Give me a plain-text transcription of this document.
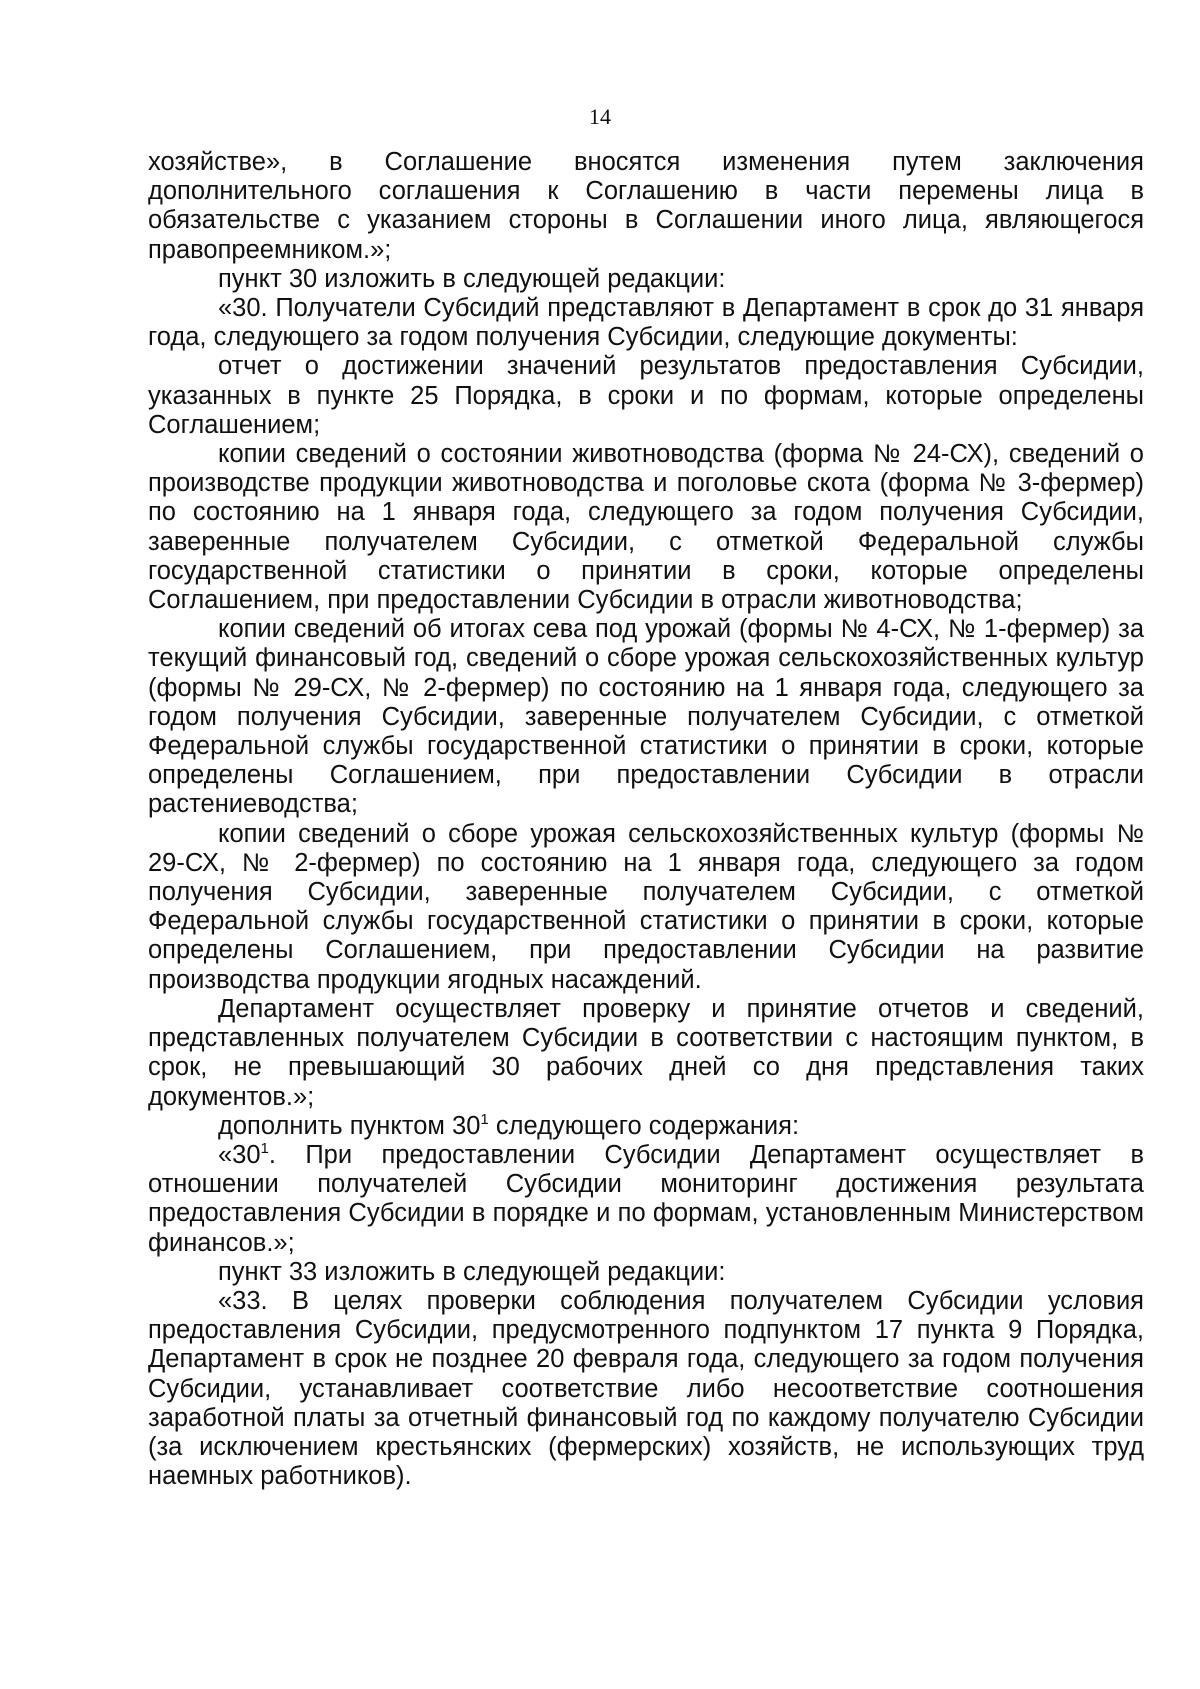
14

хозяйстве», в Соглашение вносятся изменения путем заключения дополнительного соглашения к Соглашению в части перемены лица в обязательстве с указанием стороны в Соглашении иного лица, являющегося правопреемником.»;

пункт 30 изложить в следующей редакции:

«30. Получатели Субсидий представляют в Департамент в срок до 31 января года, следующего за годом получения Субсидии, следующие документы:

отчет о достижении значений результатов предоставления Субсидии, указанных в пункте 25 Порядка, в сроки и по формам, которые определены Соглашением;

копии сведений о состоянии животноводства (форма № 24-СХ), сведений о производстве продукции животноводства и поголовье скота (форма № 3-фермер) по состоянию на 1 января года, следующего за годом получения Субсидии, заверенные получателем Субсидии, с отметкой Федеральной службы государственной статистики о принятии в сроки, которые определены Соглашением, при предоставлении Субсидии в отрасли животноводства;

копии сведений об итогах сева под урожай (формы № 4-СХ, № 1-фермер) за текущий финансовый год, сведений о сборе урожая сельскохозяйственных культур (формы № 29-СХ, № 2-фермер) по состоянию на 1 января года, следующего за годом получения Субсидии, заверенные получателем Субсидии, с отметкой Федеральной службы государственной статистики о принятии в сроки, которые определены Соглашением, при предоставлении Субсидии в отрасли растениеводства;

копии сведений о сборе урожая сельскохозяйственных культур (формы № 29-СХ, № 2-фермер) по состоянию на 1 января года, следующего за годом получения Субсидии, заверенные получателем Субсидии, с отметкой Федеральной службы государственной статистики о принятии в сроки, которые определены Соглашением, при предоставлении Субсидии на развитие производства продукции ягодных насаждений.

Департамент осуществляет проверку и принятие отчетов и сведений, представленных получателем Субсидии в соответствии с настоящим пунктом, в срок, не превышающий 30 рабочих дней со дня представления таких документов.»;

дополнить пунктом $30^1$ следующего содержания:

«$30^1$. При предоставлении Субсидии Департамент осуществляет в отношении получателей Субсидии мониторинг достижения результата предоставления Субсидии в порядке и по формам, установленным Министерством финансов.»;

пункт 33 изложить в следующей редакции:

«33. В целях проверки соблюдения получателем Субсидии условия предоставления Субсидии, предусмотренного подпунктом 17 пункта 9 Порядка, Департамент в срок не позднее 20 февраля года, следующего за годом получения Субсидии, устанавливает соответствие либо несоответствие соотношения заработной платы за отчетный финансовый год по каждому получателю Субсидии (за исключением крестьянских (фермерских) хозяйств, не использующих труд наемных работников).
